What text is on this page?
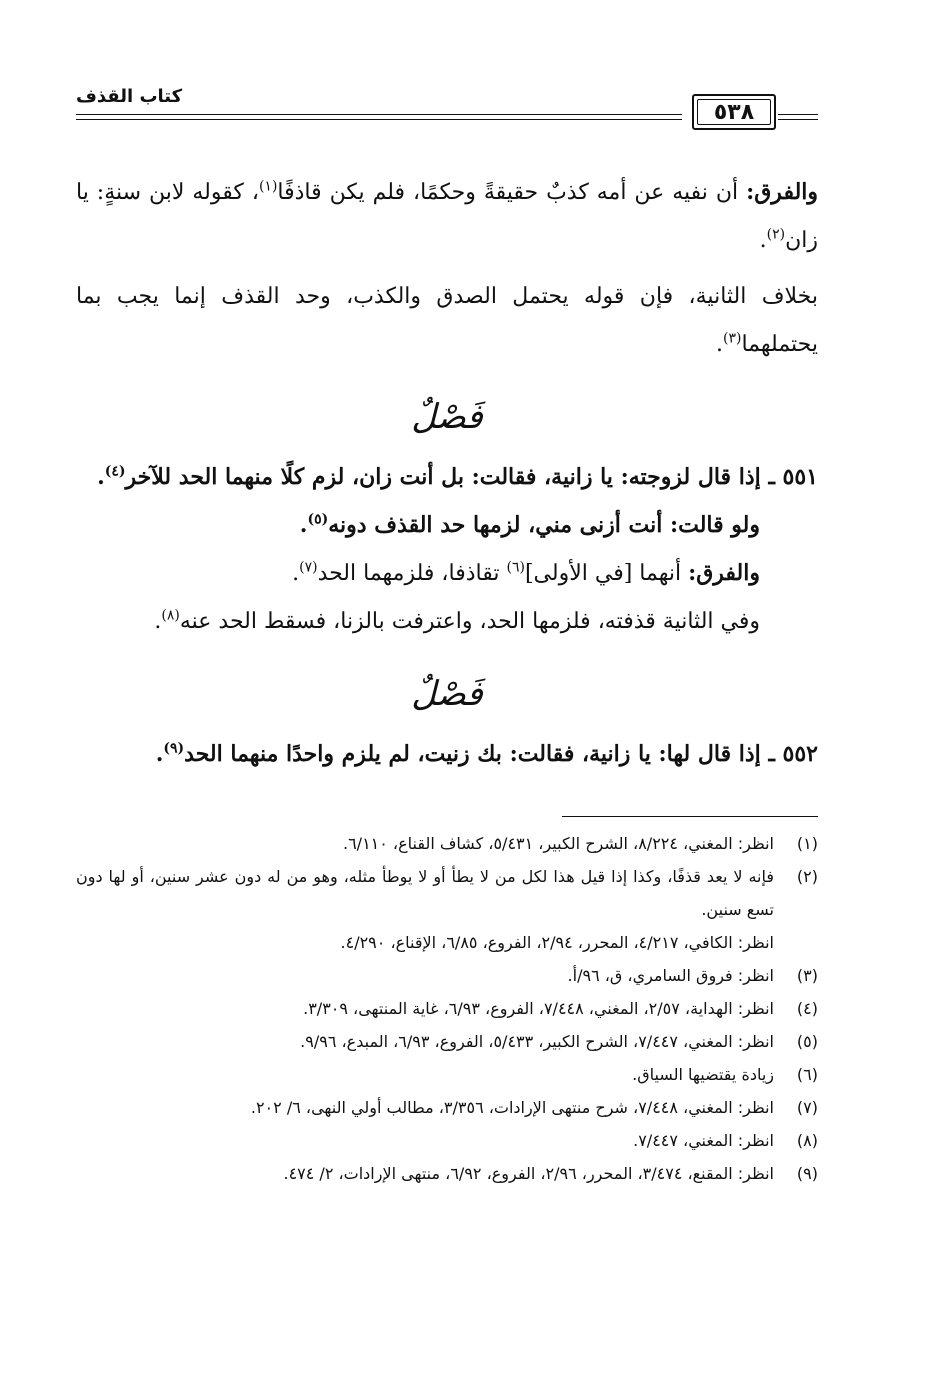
٥٣٨
كتاب القذف

والفرق: أن نفيه عن أمه كذبٌ حقيقةً وحكمًا، فلم يكن قاذفًا$^{(١)}$، كقوله لابن سنةٍ: يا زان$^{(٢)}$.

بخلاف الثانية، فإن قوله يحتمل الصدق والكذب، وحد القذف إنما يجب بما يحتملهما$^{(٣)}$.

فَصْلٌ

٥٥١ ـ إذا قال لزوجته: يا زانية، فقالت: بل أنت زان، لزم كلًا منهما الحد للآخر$^{(٤)}$.

ولو قالت: أنت أزنى مني، لزمها حد القذف دونه$^{(٥)}$.

والفرق: أنهما [في الأولى]$^{(٦)}$ تقاذفا، فلزمهما الحد$^{(٧)}$.

وفي الثانية قذفته، فلزمها الحد، واعترفت بالزنا، فسقط الحد عنه$^{(٨)}$.

فَصْلٌ

٥٥٢ ـ إذا قال لها: يا زانية، فقالت: بك زنيت، لم يلزم واحدًا منهما الحد$^{(٩)}$.

(١)
انظر: المغني، ٨/٢٢٤، الشرح الكبير، ٥/٤٣١، كشاف القناع، ٦/١١٠.
(٢)
فإنه لا يعد قذفًا، وكذا إذا قيل هذا لكل من لا يطأ أو لا يوطأ مثله، وهو من له دون عشر سنين، أو لها دون تسع سنين.
انظر: الكافي، ٤/٢١٧، المحرر، ٢/٩٤، الفروع، ٦/٨٥، الإقناع، ٤/٢٩٠.
(٣)
انظر: فروق السامري، ق، ٩٦/أ.
(٤)
انظر: الهداية، ٢/٥٧، المغني، ٧/٤٤٨، الفروع، ٦/٩٣، غاية المنتهى، ٣/٣٠٩.
(٥)
انظر: المغني، ٧/٤٤٧، الشرح الكبير، ٥/٤٣٣، الفروع، ٦/٩٣، المبدع، ٩/٩٦.
(٦)
زيادة يقتضيها السياق.
(٧)
انظر: المغني، ٧/٤٤٨، شرح منتهى الإرادات، ٣/٣٥٦، مطالب أولي النهى، ٦/ ٢٠٢.
(٨)
انظر: المغني، ٧/٤٤٧.
(٩)
انظر: المقنع، ٣/٤٧٤، المحرر، ٢/٩٦، الفروع، ٦/٩٢، منتهى الإرادات، ٢/ ٤٧٤.
